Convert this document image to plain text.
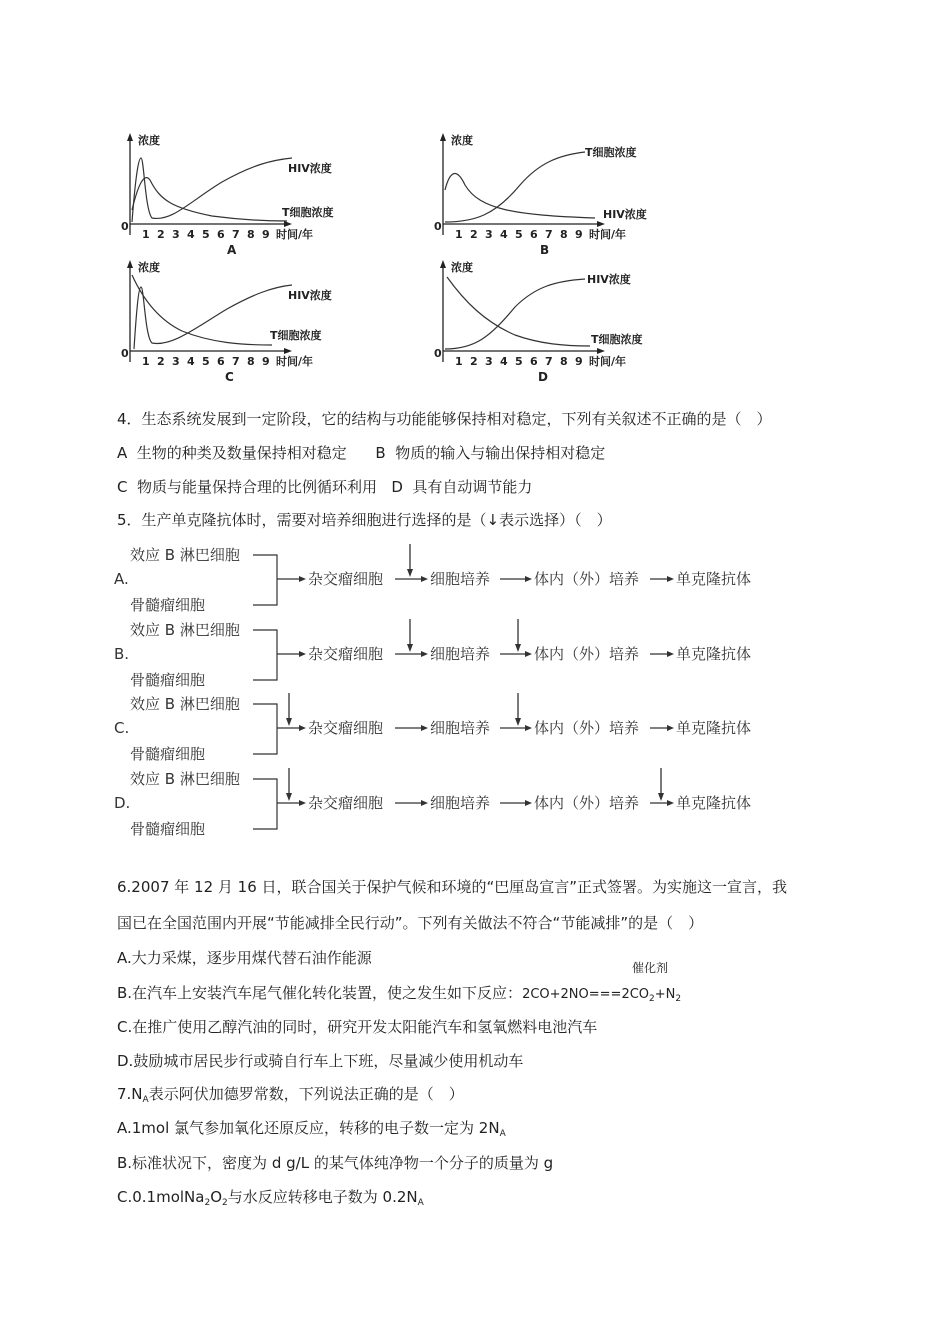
浓度
0
时间/年
1 2 3 4 5 6 7 8 9
HIV浓度
T细胞浓度
A
浓度
0
时间/年
1 2 3 4 5 6 7 8 9
T细胞浓度
HIV浓度
B
浓度
0
时间/年
1 2 3 4 5 6 7 8 9
HIV浓度
T细胞浓度
C
浓度
0
时间/年
1 2 3 4 5 6 7 8 9
HIV浓度
T细胞浓度
D
4．生态系统发展到一定阶段，它的结构与功能能够保持相对稳定，下列有关叙述不正确的是（　）
A  生物的种类及数量保持相对稳定      B  物质的输入与输出保持相对稳定
C  物质与能量保持合理的比例循环利用   D  具有自动调节能力
5．生产单克隆抗体时，需要对培养细胞进行选择的是（↓表示选择）（　）
效应 B 淋巴细胞
A.
骨髓瘤细胞
杂交瘤细胞	细胞培养	体内（外）培养 单克隆抗体
效应 B 淋巴细胞
B.
骨髓瘤细胞
杂交瘤细胞	细胞培养	体内（外）培养 单克隆抗体
效应 B 淋巴细胞
C.
骨髓瘤细胞
杂交瘤细胞	细胞培养	体内（外）培养 单克隆抗体
效应 B 淋巴细胞
D.
骨髓瘤细胞
杂交瘤细胞	细胞培养	体内（外）培养 单克隆抗体
6.2007 年 12 月 16 日，联合国关于保护气候和环境的“巴厘岛宣言”正式签署。为实施这一宣言，我
国已在全国范围内开展“节能减排全民行动”。下列有关做法不符合“节能减排”的是（　）
A.大力采煤，逐步用煤代替石油作能源
催化剂
B.在汽车上安装汽车尾气催化转化装置，使之发生如下反应：$2CO+2NO===2CO_2+N_2$
C.在推广使用乙醇汽油的同时，研究开发太阳能汽车和氢氧燃料电池汽车
D.鼓励城市居民步行或骑自行车上下班，尽量减少使用机动车
$7.N_A$表示阿伏加德罗常数，下列说法正确的是（　）
A.1mol 氯气参加氧化还原反应，转移的电子数一定为 $2N_A$
B.标准状况下，密度为 d g/L 的某气体纯净物一个分子的质量为 g
$C.0.1molNa_2O_2$与水反应转移电子数为 $0.2N_A$
